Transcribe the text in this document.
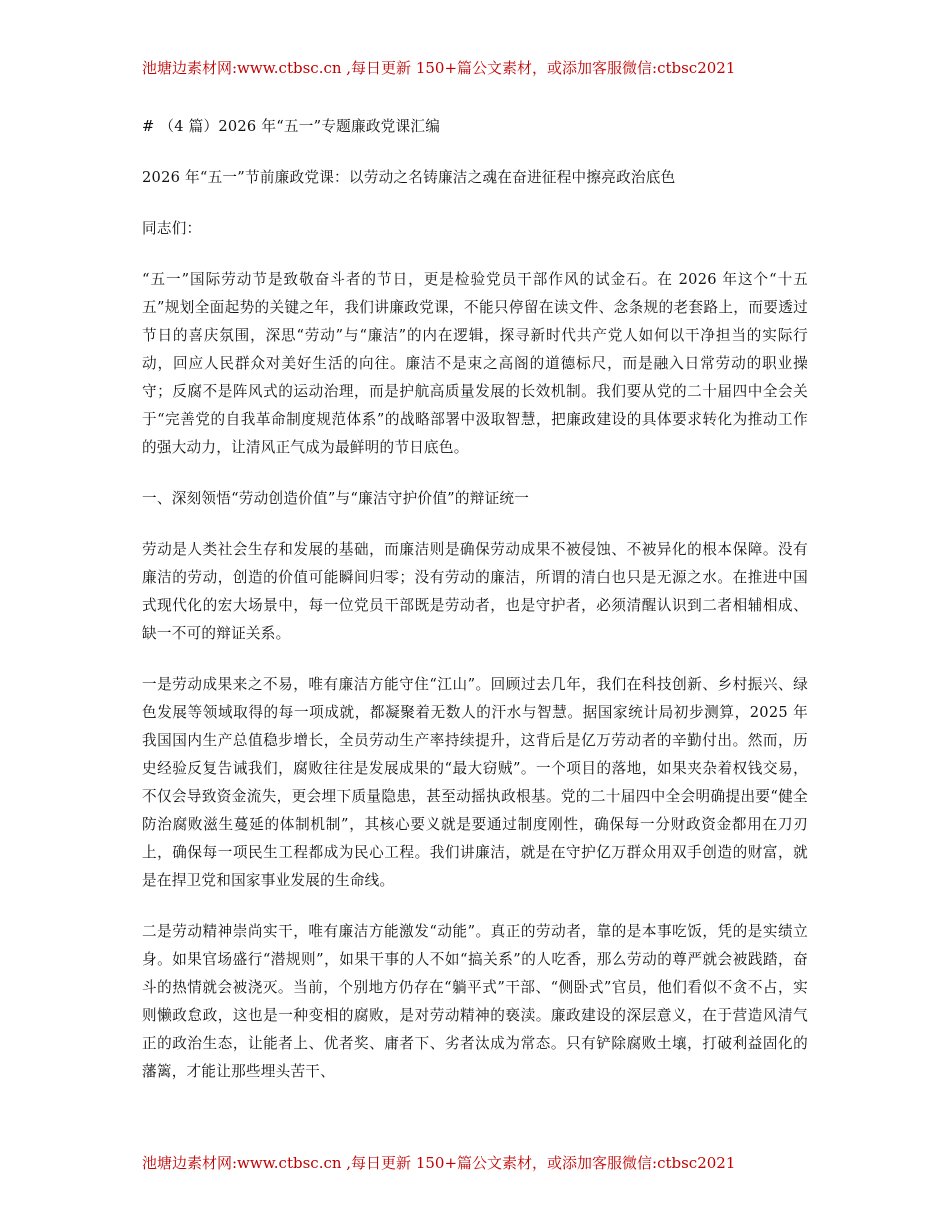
池塘边素材网:www.ctbsc.cn ,每日更新 150+篇公文素材，或添加客服微信:ctbsc2021

# （4 篇）2026 年“五一”专题廉政党课汇编

2026 年“五一”节前廉政党课：以劳动之名铸廉洁之魂在奋进征程中擦亮政治底色

同志们：

“五一”国际劳动节是致敬奋斗者的节日，更是检验党员干部作风的试金石。在 2026 年这个“十五五”规划全面起势的关键之年，我们讲廉政党课，不能只停留在读文件、念条规的老套路上，而要透过节日的喜庆氛围，深思“劳动”与“廉洁”的内在逻辑，探寻新时代共产党人如何以干净担当的实际行动，回应人民群众对美好生活的向往。廉洁不是束之高阁的道德标尺，而是融入日常劳动的职业操守；反腐不是阵风式的运动治理，而是护航高质量发展的长效机制。我们要从党的二十届四中全会关于“完善党的自我革命制度规范体系”的战略部署中汲取智慧，把廉政建设的具体要求转化为推动工作的强大动力，让清风正气成为最鲜明的节日底色。

一、深刻领悟“劳动创造价值”与“廉洁守护价值”的辩证统一

劳动是人类社会生存和发展的基础，而廉洁则是确保劳动成果不被侵蚀、不被异化的根本保障。没有廉洁的劳动，创造的价值可能瞬间归零；没有劳动的廉洁，所谓的清白也只是无源之水。在推进中国式现代化的宏大场景中，每一位党员干部既是劳动者，也是守护者，必须清醒认识到二者相辅相成、缺一不可的辩证关系。

一是劳动成果来之不易，唯有廉洁方能守住“江山”。回顾过去几年，我们在科技创新、乡村振兴、绿色发展等领域取得的每一项成就，都凝聚着无数人的汗水与智慧。据国家统计局初步测算，2025 年我国国内生产总值稳步增长，全员劳动生产率持续提升，这背后是亿万劳动者的辛勤付出。然而，历史经验反复告诫我们，腐败往往是发展成果的“最大窃贼”。一个项目的落地，如果夹杂着权钱交易，不仅会导致资金流失，更会埋下质量隐患，甚至动摇执政根基。党的二十届四中全会明确提出要“健全防治腐败滋生蔓延的体制机制”，其核心要义就是要通过制度刚性，确保每一分财政资金都用在刀刃上，确保每一项民生工程都成为民心工程。我们讲廉洁，就是在守护亿万群众用双手创造的财富，就是在捍卫党和国家事业发展的生命线。

二是劳动精神崇尚实干，唯有廉洁方能激发“动能”。真正的劳动者，靠的是本事吃饭，凭的是实绩立身。如果官场盛行“潜规则”，如果干事的人不如“搞关系”的人吃香，那么劳动的尊严就会被践踏，奋斗的热情就会被浇灭。当前，个别地方仍存在“躺平式”干部、“侧卧式”官员，他们看似不贪不占，实则懒政怠政，这也是一种变相的腐败，是对劳动精神的亵渎。廉政建设的深层意义，在于营造风清气正的政治生态，让能者上、优者奖、庸者下、劣者汰成为常态。只有铲除腐败土壤，打破利益固化的藩篱，才能让那些埋头苦干、

池塘边素材网:www.ctbsc.cn ,每日更新 150+篇公文素材，或添加客服微信:ctbsc2021
